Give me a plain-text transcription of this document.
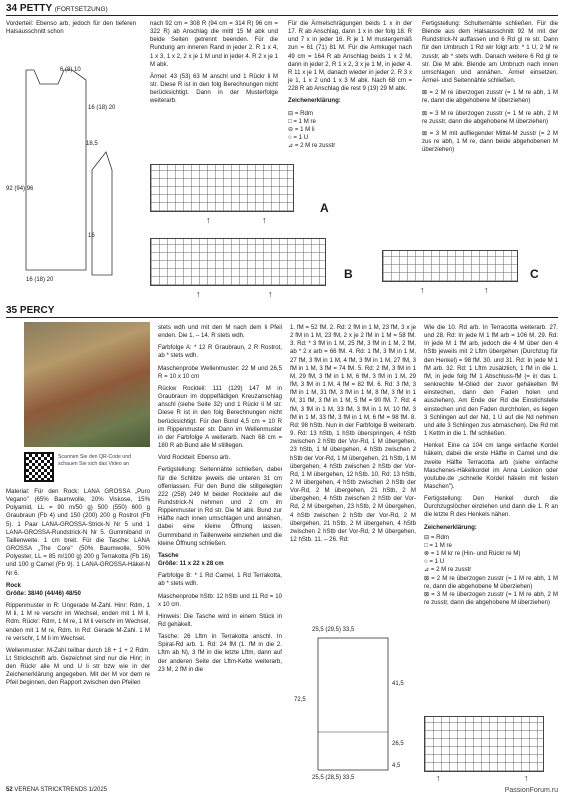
34 PETTY (FORTSETZUNG)
6 (8) 10
16 (18) 20
18,5
92 (94) 96
16
16 (18) 20

Vorderteil: Ebenso arb, jedoch für den tieferen Halsausschnitt schon

nach 92 cm = 308 R (94 cm = 314 R) 96 cm = 322 R) ab Anschlag die mittl 15 M abk und beide Seiten getrennt beenden. Für die Rundung am inneren Rand in jeder 2. R 1 x 4, 1 x 3, 1 x 2, 2 x je 1 M und in jeder 4. R 2 x je 1 M abk.

Ärmel: 43 (53) 63 M anschl und 1 Rückr li M str. Diese R ist in den folg Berechnungen nicht berücksichtigt. Dann in der Musterfolge weiterarb.

Für die Ärmelschrägungen beids 1 x in der 17. R ab Anschlag, dann 1 x in der folg 18. R und 7 x in jeder 16. R je 1 M mustergemäß zun = 61 (71) 81 M. Für die Armkugel nach 49 cm = 164 R ab Anschlag beids 1 x 2 M, dann in jeder 2. R 1 x 2, 3 x je 1 M, in jeder 4. R 11 x je 1 M, danach wieder in jeder 2. R 3 x je 1, 1 x 2 und 1 x 3 M abk. Nach 68 cm = 228 R ab Anschlag die rest 9 (19) 29 M abk.

Zeichenerklärung:

⊟ = Rdm
□ = 1 M re
⊖ = 1 M li
○ = 1 U
⊿ = 2 M re zusstr

Fertigstellung: Schulternähte schließen. Für die Blende aus dem Halsausschnitt 92 M mit der Rundstrick-N auffassen und 6 Rd gl re str. Dann für den Umbruch 1 Rd wir folgt arb: * 1 U, 2 M re zusstr, ab * stets wdh. Danach weitere 6 Rd gl re str. Die M abk. Blende am Umbruch nach innen umschlagen und annähen. Ärmel einsetzen. Ärmel- und Seitennähte schließen.

⊠ = 2 M re überzogen zusstr (= 1 M re abh, 1 M re, dann die abgehobene M überziehen)

⊠ = 3 M re überzogen zusstr (= 1 M re abh, 2 M re zusstr, dann die abgehobene M überziehen)

⊠ = 3 M mit aufliegender Mittel-M zusstr (= 2 M zus re abh, 1 M re, dann beide abgehobenen M überziehen)

A
↑	↑
B
↑	↑
C
↑	↑
35 PERCY
Scannen Sie den QR-Code und schauen Sie sich das Video an

Material: Für den Rock: LANA GROSSA „Puro Vegano" (65% Baumwolle, 20% Viskose, 15% Polyamid, LL = 90 m/50 g) 500 (550) 600 g Graubraun (Fb 4) und 150 (200) 200 g Rostrot (Fb 5). 1 Paar LANA-GROSSA-Strick-N Nr 5 und 1 LANA-GROSSA-Rundstrick-N Nr 5. Gummiband in Taillenweite. 1 cm breit. Für die Tasche: LANA GROSSA „The Core" (50% Baumwolle, 50% Polyester, LL = 85 m/100 g) 200 g Terrakotta (Fb 16) und 100 g Camel (Fb 9). 1 LANA-GROSSA-Häkel-N Nr 6.

Rock

Größe: 38/40 (44/46) 48/50

Rippenmuster in R: Ungerade M-Zahl. Hinr: Rdm, 1 M li, 1 M re verschr im Wechsel, enden mit 1 M li, Rdm. Rückr: Rdm, 1 M re, 1 M li verschr im Wechsel, enden mit 1 M re, Rdm. In Rd: Gerade M-Zahl. 1 M re verschr, 1 M li im Wechsel.

Wellenmuster: M-Zahl teilbar durch 18 + 1 + 2 Rdm. Lt Strickschrift arb. Gezeichnet sind nur die Hinr; in den Rückr alle M und U li str bzw wie in der Zeichenerklärung angegeben. Mit der M vor dem re Pfeil beginnen, den Rapport zwischen den Pfeilen

stets wdh und mit den M nach dem li Pfeil enden. Die 1. – 14. R stets wdh.

Farbfolge A: * 12 R Graubraun, 2 R Rostrot, ab * stets wdh.

Maschenprobe Wellenmuster: 22 M und 26,5 R = 10 x 10 cm

Rückw Rockteil: 111 (129) 147 M in Graubraun im doppelfädigen Kreuzanschlag anschl (siehe Seite 32) und 1 Rückr li M str. Diese R ist in den folg Berechnungen nicht berücksichtigt. Für den Bund 4,5 cm = 10 R im Rippenmuster str. Dann im Wellenmuster in der Farbfolge A weiterarb. Nach 68 cm = 180 R ab Bund alle M stilllegen.

Vord Rockteil: Ebenso arb.

Fertigstellung: Seitennähte schließen, dabei für die Schlitze jeweils die unteren 31 cm offenlassen. Für den Bund die stillgelegten 222 (258) 249 M beider Rockteile auf die Rundstrick-N nehmen und 2 cm im Rippenmuster in Rd str. Die M abk. Bund zur Hälfte nach innen umschlagen und annähen, dabei eine kleine Öffnung lassen. Gummiband in Taillenweite einziehen und die kleine Öffnung schließen.

Tasche

Größe: 11 x 22 x 28 cm

Farbfolge B: * 1 Rd Camel, 1 Rd Terrakotta, ab * stets wdh.

Maschenprobe hStb: 12 hStb und 11 Rd = 10 x 10 cm.

Hinweis: Die Tasche wird in einem Stück in Rd gehäkelt.

Tasche: 26 Lftm in Terrakotta anschl. In Spiral-Rd arb. 1. Rd: 24 fM (1. fM in die 2. Lftm ab N), 3 fM in die letzte Lftm, dann auf der anderen Seite der Lftm-Kette weiterarb, 23 M, 2 fM in die

1. fM = 52 fM. 2. Rd: 2 fM in 1 M, 23 fM, 3 x je 2 fM in 1 M, 23 fM, 2 x je 2 fM in 1 M = 58 fM. 3. Rd: * 3 fM in 1 M, 25 fM, 3 fM in 1 M, 2 fM, ab * 2 x arb = 66 fM. 4. Rd: 1 fM, 3 fM in 1 M, 27 fM, 3 fM in 1 M, 4 fM, 3 fM in 1 M, 27 fM, 3 fM in 1 M, 3 fM = 74 fM. 5. Rd: 2 fM, 3 fM in 1 M, 29 fM, 3 fM in 1 M, 6 fM, 3 fM in 1 M, 29 fM, 3 fM in 1 M, 4 fM = 82 fM. 6. Rd: 3 fM, 3 fM in 1 M, 31 fM, 3 fM in 1 M, 8 fM, 3 fM in 1 M, 31 fM, 3 fM in 1 M, 5 fM = 90 fM. 7. Rd: 4 fM, 3 fM in 1 M, 33 fM, 3 fM in 1 M, 10 fM, 3 fM in 1 M, 33 fM, 3 fM in 1 M, 6 fM = 98 fM. 8. Rd: 98 hStb. Nun in der Farbfolge B weiterarb. 9. Rd: 13 hStb, 1 hStb überspringen, 4 hStb zwischen 2 hStb der Vor-Rd, 1 M übergehen, 23 hStb, 1 M übergehen, 4 hStb zwischen 2 hStb der Vor-Rd, 1 M übergehen, 21 hStb, 1 M übergehen, 4 hStb zwischen 2 hStb der Vor-Rd, 1 M übergehen, 12 hStb. 10. Rd: 13 hStb, 2 M übergehen, 4 hStb zwischen 2 hStb der Vor-Rd, 2 M übergehen, 21 hStb, 2 M übergehen, 4 hStb zwischen 2 hStb der Vor-Rd, 2 M übergehen, 23 hStb, 2 M übergehen, 4 hStb zwischen 2 hStb der Vor-Rd, 2 M übergehen, 21 hStb, 2 M übergehen, 4 hStb zwischen 2 hStb der Vor-Rd, 2 M übergehen, 12 hStb. 11. – 26. Rd:

25,5 (29,5) 33,5
41,5
72,5
26,5
4,5
25,5 (28,5) 33,5

Wie die 10. Rd arb. In Terracotta weiterarb. 27. und 28. Rd: In jede M 1 fM arb = 106 M. 29. Rd: In jede M 1 fM arb, jedoch die 4 M über den 4 hStb jeweils mit 2 Lftm übergehen (Durchzug für den Henkel) = 98 fM. 30. und 31. Rd: In jede M 1 fM arb. 32. Rd: 1 Lftm zusätzlich, 1 fM in die 1. fM, in jede folg fM 1 Abschluss-fM (= in das 1. senkrechte M-Glied der zuvor gehäkelten fM einstechen, dann den Faden holen und ausziehen). Am Ende der Rd die Einstichstelle einstechen und den Faden durchholen, es liegen 3 Schlingen auf der Nd, 1 U auf die Nd nehmen und alle 3 Schlingen zus abmaschen). Die Rd mit 1 Kettm in die 1. fM schließen.

Henkel: Eine ca 104 cm lange einfache Kordel häkeln, dabei die erste Hälfte in Camel und die zweite Hälfte Terracotta arb (siehe einfache Maschenes-Häkelkordel im Anna Lexikon oder youtube.de „schnelle Kordel häkeln mit festen Maschen").

Fertigstellung: Den Henkel durch die Durchzugslöcher einziehen und dann die 1. R an die letzte R des Henkels nähen.

Zeichenerklärung:

⊟ = Rdm
□ = 1 M re
⊗ = 1 M kr re (Hin- und Rückr re M)
○ = 1 U
⊿ = 2 M re zusstr
⊠ = 2 M re überzogen zusstr (= 1 M re abh, 1 M re, dann die abgehobene M überziehen)
⊠ = 3 M re überzogen zusstr (= 1 M re abh, 2 M re zusstr, dann die abgehobene M überziehen)
↑	↑
52 VERENA STRICKTRENDS 1/2025	PassionForum.ru
